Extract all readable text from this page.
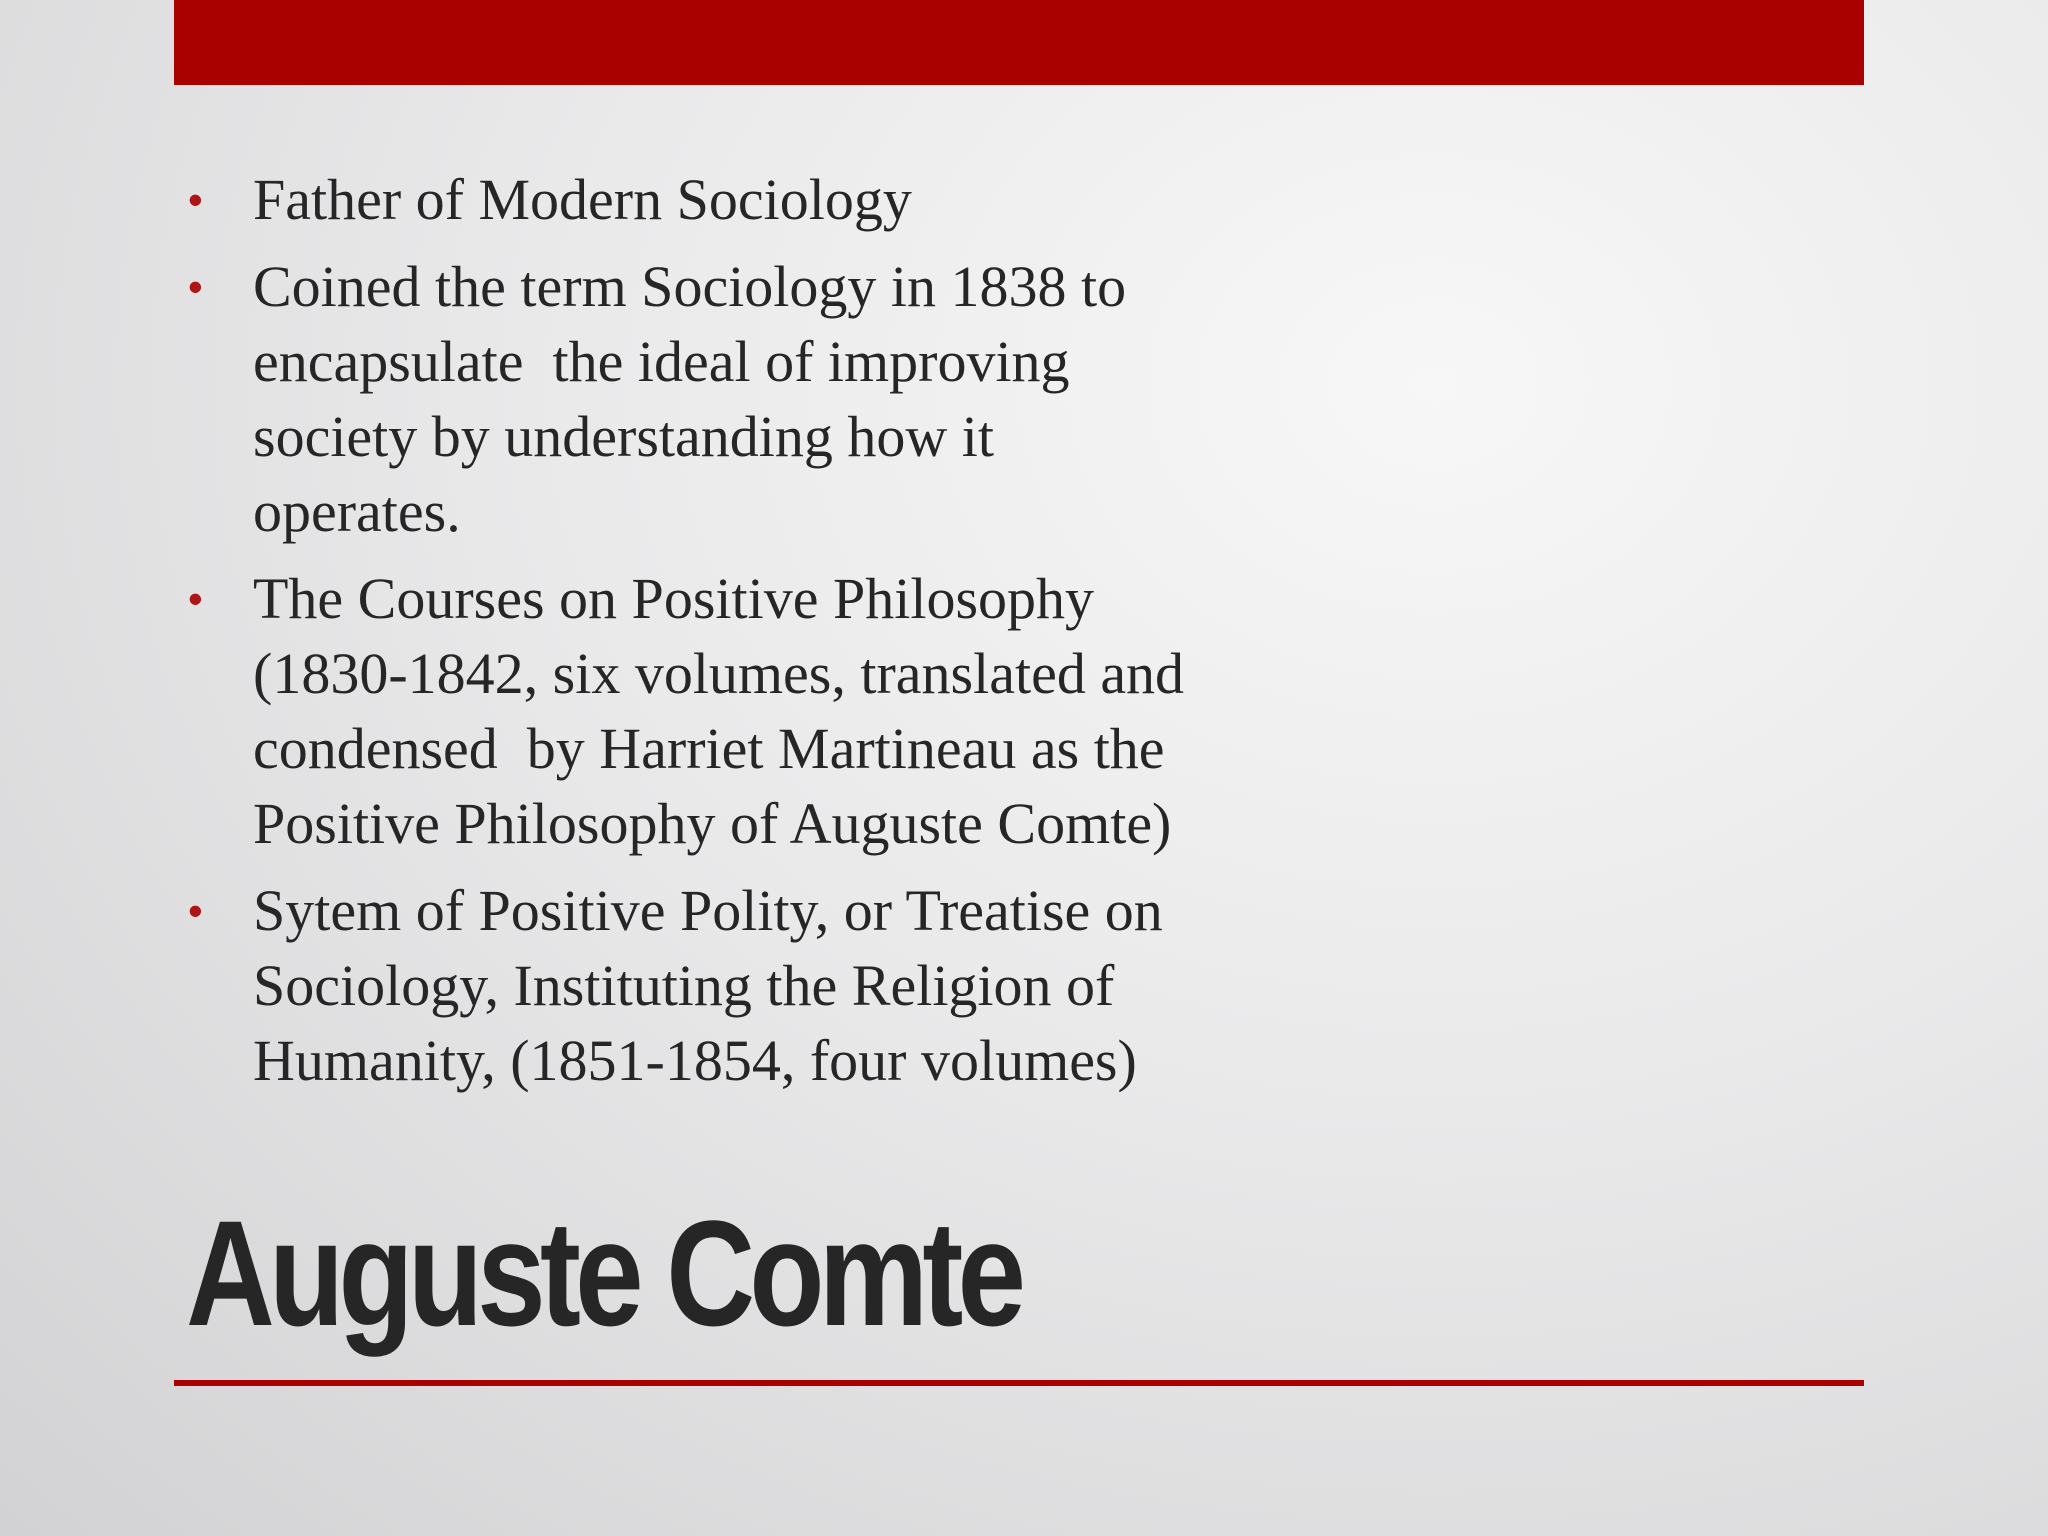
• Father of Modern Sociology
• Coined the term Sociology in 1838 to
encapsulate  the ideal of improving
society by understanding how it
operates.
• The Courses on Positive Philosophy
(1830-1842, six volumes, translated and
condensed  by Harriet Martineau as the
Positive Philosophy of Auguste Comte)
• Sytem of Positive Polity, or Treatise on
Sociology, Instituting the Religion of
Humanity, (1851-1854, four volumes)
Auguste Comte
